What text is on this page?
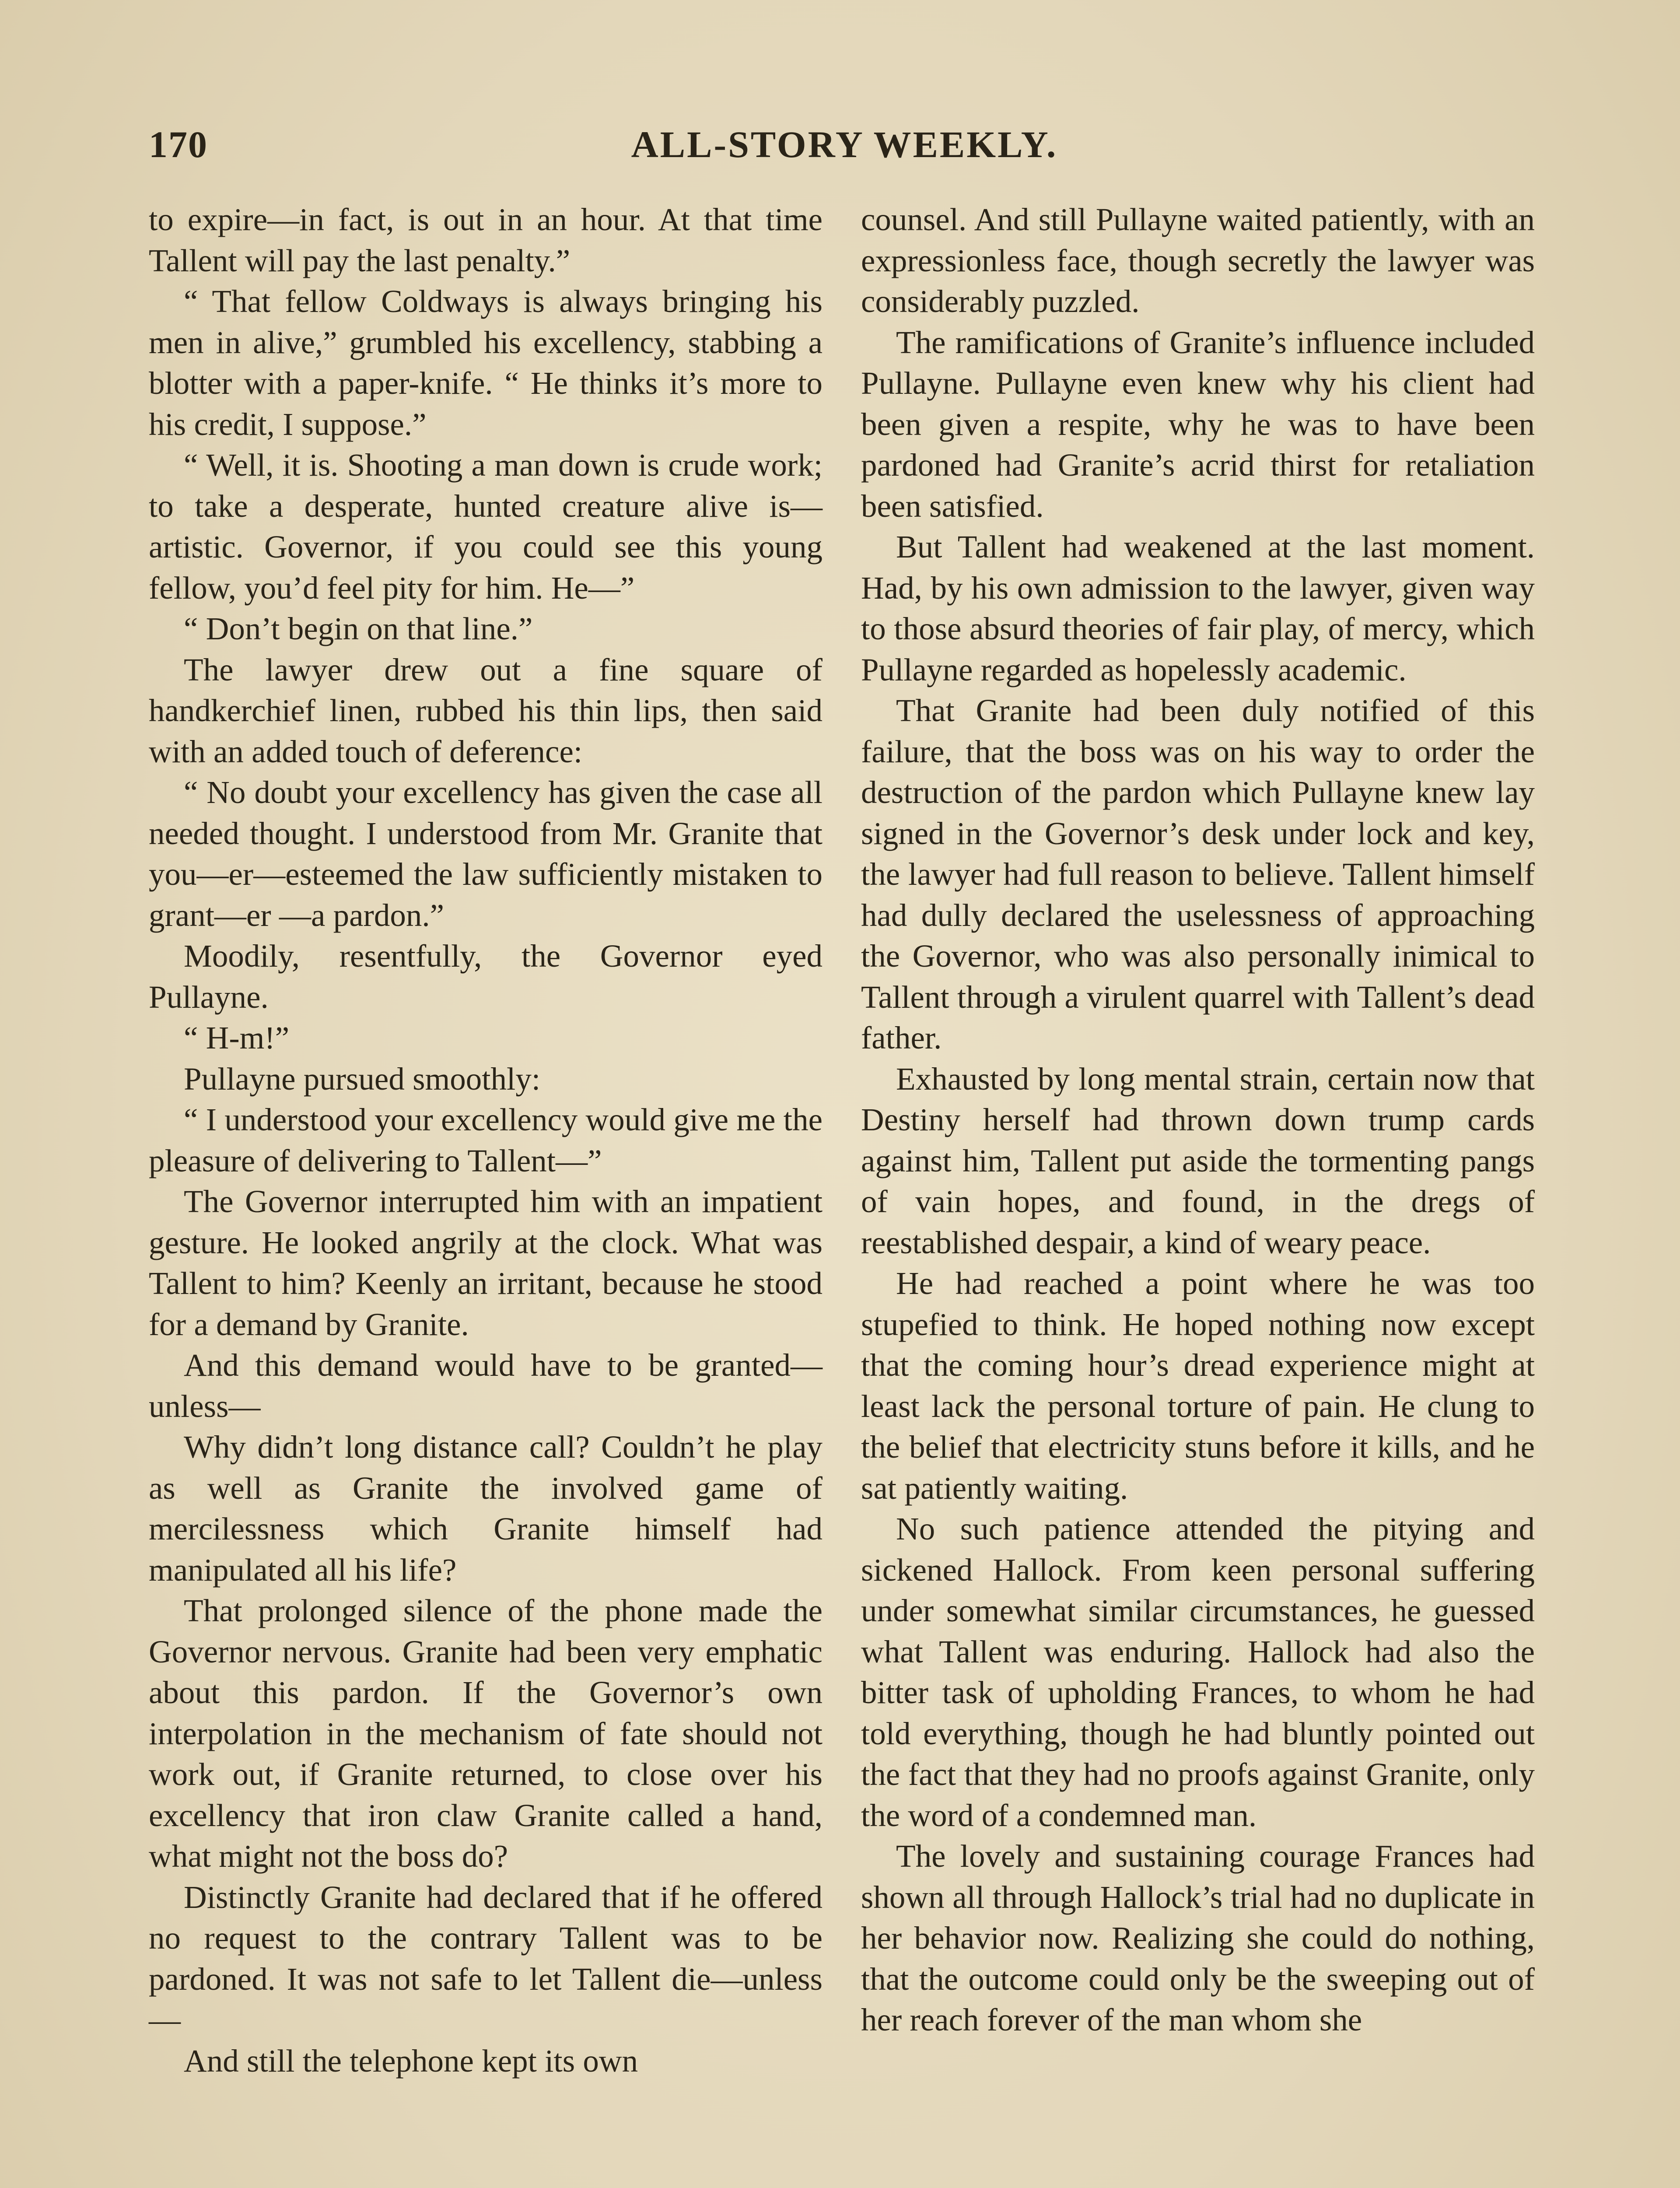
170	ALL-STORY WEEKLY.

to expire—in fact, is out in an hour. At that time Tallent will pay the last penalty.”

“ That fellow Coldways is always bringing his men in alive,” grumbled his excellency, stabbing a blotter with a paper-knife. “ He thinks it’s more to his credit, I suppose.”

“ Well, it is. Shooting a man down is crude work; to take a desperate, hunted creature alive is—artistic. Governor, if you could see this young fellow, you’d feel pity for him. He—”

“ Don’t begin on that line.”

The lawyer drew out a fine square of handkerchief linen, rubbed his thin lips, then said with an added touch of deference:

“ No doubt your excellency has given the case all needed thought. I understood from Mr. Granite that you—er—esteemed the law sufficiently mistaken to grant—er —a pardon.”

Moodily, resentfully, the Governor eyed Pullayne.

“ H-m!”

Pullayne pursued smoothly:

“ I understood your excellency would give me the pleasure of delivering to Tallent—”

The Governor interrupted him with an impatient gesture. He looked angrily at the clock. What was Tallent to him? Keenly an irritant, because he stood for a demand by Granite.

And this demand would have to be granted—unless—

Why didn’t long distance call? Couldn’t he play as well as Granite the involved game of mercilessness which Granite himself had manipulated all his life?

That prolonged silence of the phone made the Governor nervous. Granite had been very emphatic about this pardon. If the Governor’s own interpolation in the mechanism of fate should not work out, if Granite returned, to close over his excellency that iron claw Granite called a hand, what might not the boss do?

Distinctly Granite had declared that if he offered no request to the contrary Tallent was to be pardoned. It was not safe to let Tallent die—unless—

And still the telephone kept its own

counsel. And still Pullayne waited patiently, with an expressionless face, though secretly the lawyer was considerably puzzled.

The ramifications of Granite’s influence included Pullayne. Pullayne even knew why his client had been given a respite, why he was to have been pardoned had Granite’s acrid thirst for retaliation been satisfied.

But Tallent had weakened at the last moment. Had, by his own admission to the lawyer, given way to those absurd theories of fair play, of mercy, which Pullayne regarded as hopelessly academic.

That Granite had been duly notified of this failure, that the boss was on his way to order the destruction of the pardon which Pullayne knew lay signed in the Governor’s desk under lock and key, the lawyer had full reason to believe. Tallent himself had dully declared the uselessness of approaching the Governor, who was also personally inimical to Tallent through a virulent quarrel with Tallent’s dead father.

Exhausted by long mental strain, certain now that Destiny herself had thrown down trump cards against him, Tallent put aside the tormenting pangs of vain hopes, and found, in the dregs of reestablished despair, a kind of weary peace.

He had reached a point where he was too stupefied to think. He hoped nothing now except that the coming hour’s dread experience might at least lack the personal torture of pain. He clung to the belief that electricity stuns before it kills, and he sat patiently waiting.

No such patience attended the pitying and sickened Hallock. From keen personal suffering under somewhat similar circumstances, he guessed what Tallent was enduring. Hallock had also the bitter task of upholding Frances, to whom he had told everything, though he had bluntly pointed out the fact that they had no proofs against Granite, only the word of a condemned man.

The lovely and sustaining courage Frances had shown all through Hallock’s trial had no duplicate in her behavior now. Realizing she could do nothing, that the outcome could only be the sweeping out of her reach forever of the man whom she
